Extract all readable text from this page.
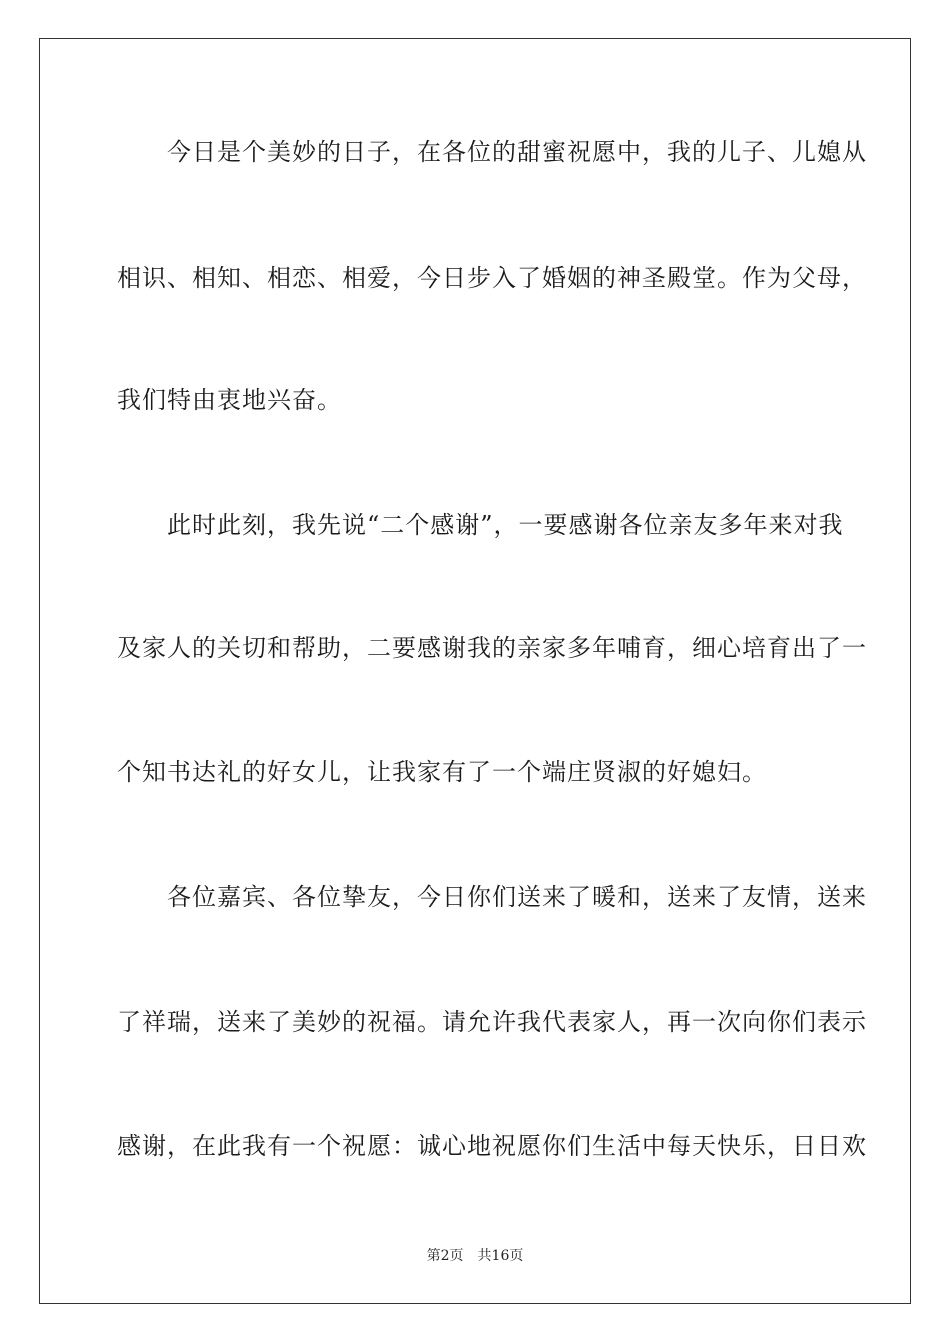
　　今日是个美妙的日子，在各位的甜蜜祝愿中，我的儿子、儿媳从
相识、相知、相恋、相爱，今日步入了婚姻的神圣殿堂。作为父母，
我们特由衷地兴奋。
　　此时此刻，我先说“二个感谢”，一要感谢各位亲友多年来对我
及家人的关切和帮助，二要感谢我的亲家多年哺育，细心培育出了一
个知书达礼的好女儿，让我家有了一个端庄贤淑的好媳妇。
　　各位嘉宾、各位挚友，今日你们送来了暖和，送来了友情，送来
了祥瑞，送来了美妙的祝福。请允许我代表家人，再一次向你们表示
感谢，在此我有一个祝愿：诚心地祝愿你们生活中每天快乐，日日欢
第2页 共16页
